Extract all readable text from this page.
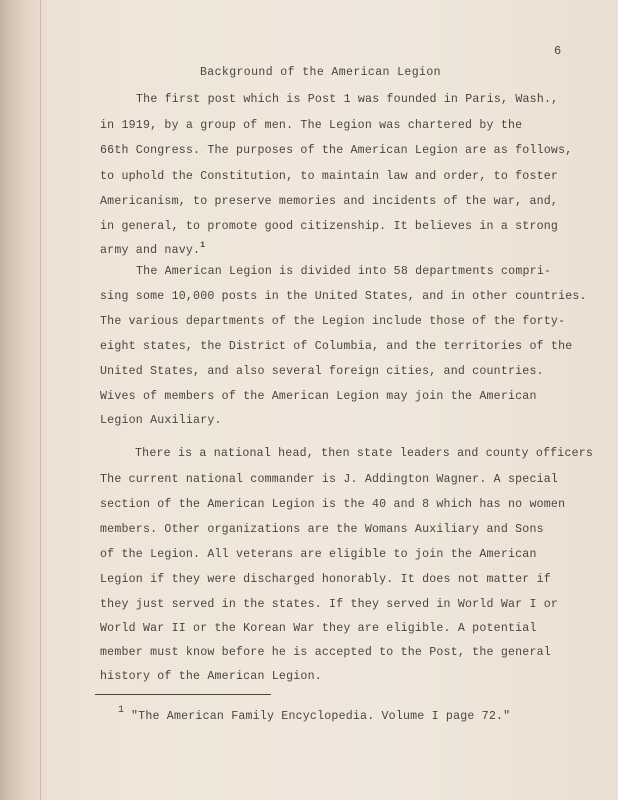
6
Background of the American Legion
The first post which is Post 1 was founded in Paris, Wash.,
in 1919, by a group of men. The Legion was chartered by the
66th Congress. The purposes of the American Legion are as follows,
to uphold the Constitution, to maintain law and order, to foster
Americanism, to preserve memories and incidents of the war, and,
in general, to promote good citizenship. It believes in a strong
army and navy.$^1$
The American Legion is divided into 58 departments compri-
sing some 10,000 posts in the United States, and in other countries.
The various departments of the Legion include those of the forty-
eight states, the District of Columbia, and the territories of the
United States, and also several foreign cities, and countries.
Wives of members of the American Legion may join the American
Legion Auxiliary.
There is a national head, then state leaders and county officers
The current national commander is J. Addington Wagner. A special
section of the American Legion is the 40 and 8 which has no women
members. Other organizations are the Womans Auxiliary and Sons
of the Legion. All veterans are eligible to join the American
Legion if they were discharged honorably. It does not matter if
they just served in the states. If they served in World War I or
World War II or the Korean War they are eligible. A potential
member must know before he is accepted to the Post, the general
history of the American Legion.
1 "The American Family Encyclopedia. Volume I page 72."
